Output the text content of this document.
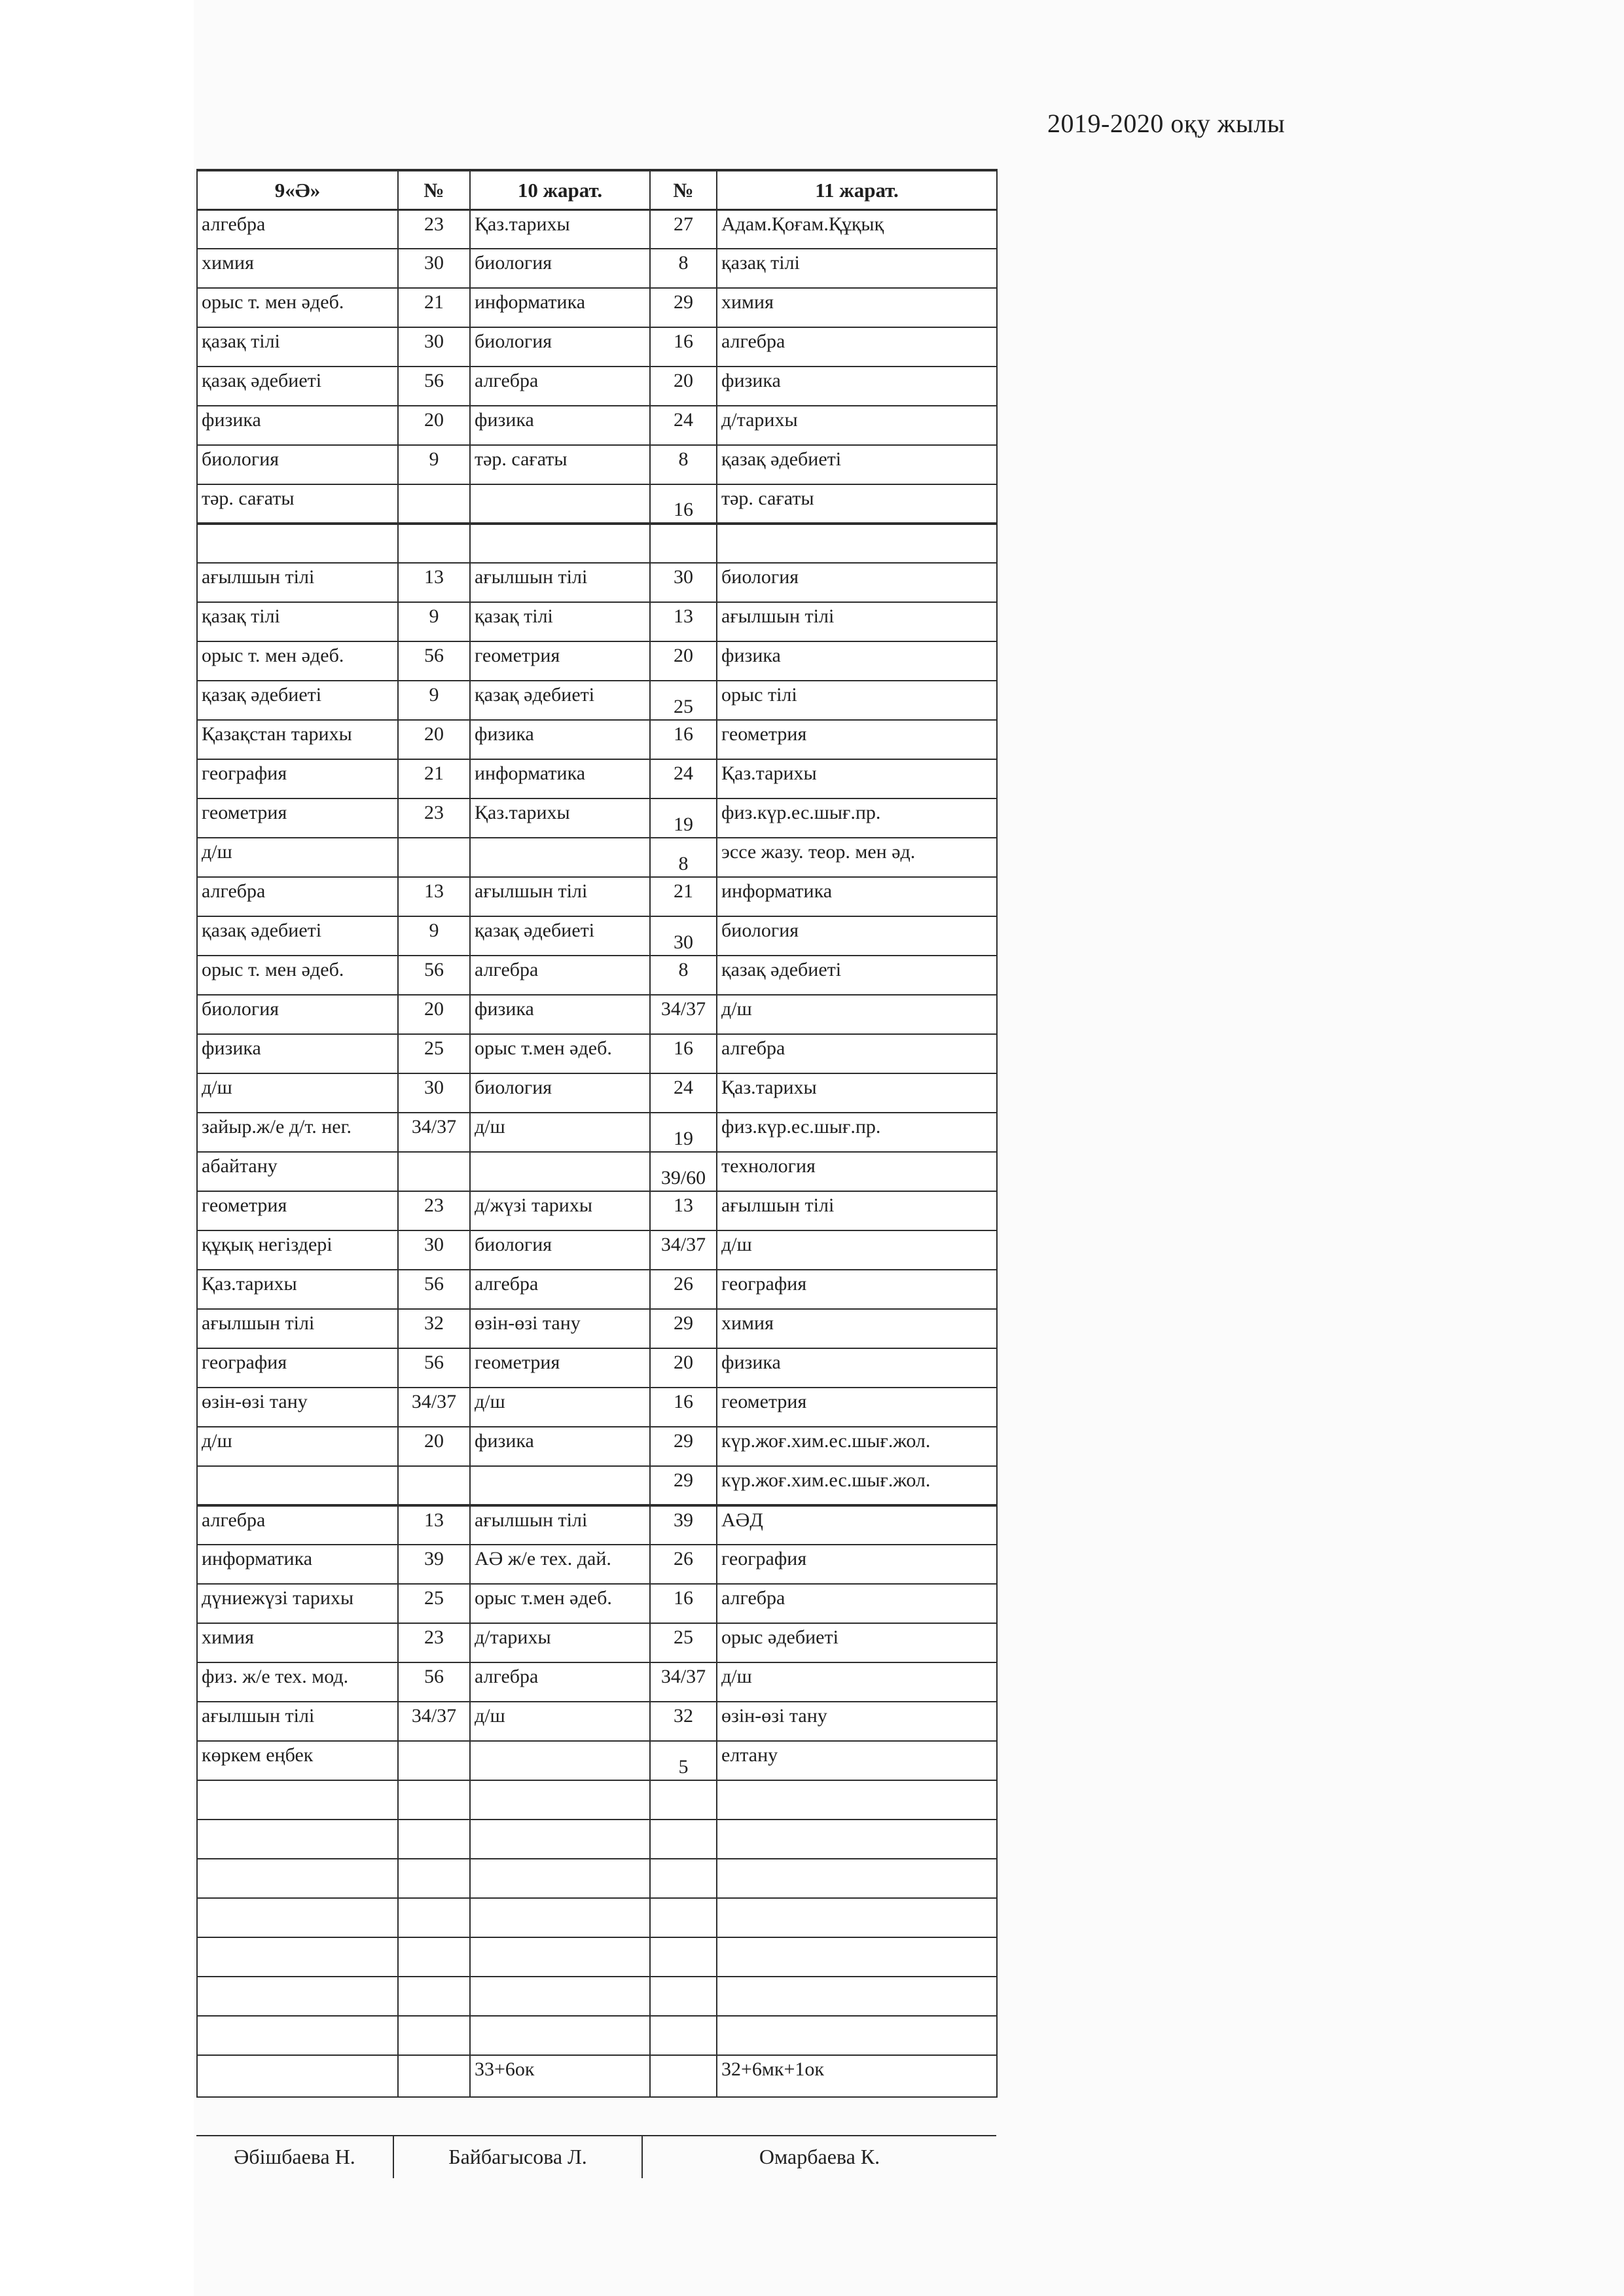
2019-2020 оқу жылы
9«Ә»	№	10 жарат.	№	11 жарат.
алгебра	23	Қаз.тарихы	27	Адам.Қоғам.Құқық
химия	30	биология	8	қазақ тілі
орыс т. мен әдеб.	21	информатика	29	химия
қазақ тілі	30	биология	16	алгебра
қазақ әдебиеті	56	алгебра	20	физика
физика	20	физика	24	д/тарихы
биология	9	тәр. сағаты	8	қазақ әдебиеті
тәр. сағаты			16	тәр. сағаты

ағылшын тілі	13	ағылшын тілі	30	биология
қазақ тілі	9	қазақ тілі	13	ағылшын тілі
орыс т. мен әдеб.	56	геометрия	20	физика
қазақ әдебиеті	9	қазақ әдебиеті	25	орыс тілі
Қазақстан тарихы	20	физика	16	геометрия
география	21	информатика	24	Қаз.тарихы
геометрия	23	Қаз.тарихы	19	физ.күр.ес.шығ.пр.
д/ш			8	эссе жазу. теор. мен әд.
алгебра	13	ағылшын тілі	21	информатика
қазақ әдебиеті	9	қазақ әдебиеті	30	биология
орыс т. мен әдеб.	56	алгебра	8	қазақ әдебиеті
биология	20	физика	34/37	д/ш
физика	25	орыс т.мен әдеб.	16	алгебра
д/ш	30	биология	24	Қаз.тарихы
зайыр.ж/е д/т. нег.	34/37	д/ш	19	физ.күр.ес.шығ.пр.
абайтану			39/60	технология
геометрия	23	д/жүзі тарихы	13	ағылшын тілі
құқық негіздері	30	биология	34/37	д/ш
Қаз.тарихы	56	алгебра	26	география
ағылшын тілі	32	өзін-өзі тану	29	химия
география	56	геометрия	20	физика
өзін-өзі тану	34/37	д/ш	16	геометрия
д/ш	20	физика	29	күр.жоғ.хим.ес.шығ.жол.
			29	күр.жоғ.хим.ес.шығ.жол.
алгебра	13	ағылшын тілі	39	АӘД
информатика	39	АӘ ж/е тех. дай.	26	география
дүниежүзі тарихы	25	орыс т.мен әдеб.	16	алгебра
химия	23	д/тарихы	25	орыс әдебиеті
физ. ж/е тех. мод.	56	алгебра	34/37	д/ш
ағылшын тілі	34/37	д/ш	32	өзін-өзі тану
көркем еңбек			5	елтану

		33+6ок		32+6мк+1ок
Әбішбаева Н.	Байбагысова Л.	Омарбаева К.
